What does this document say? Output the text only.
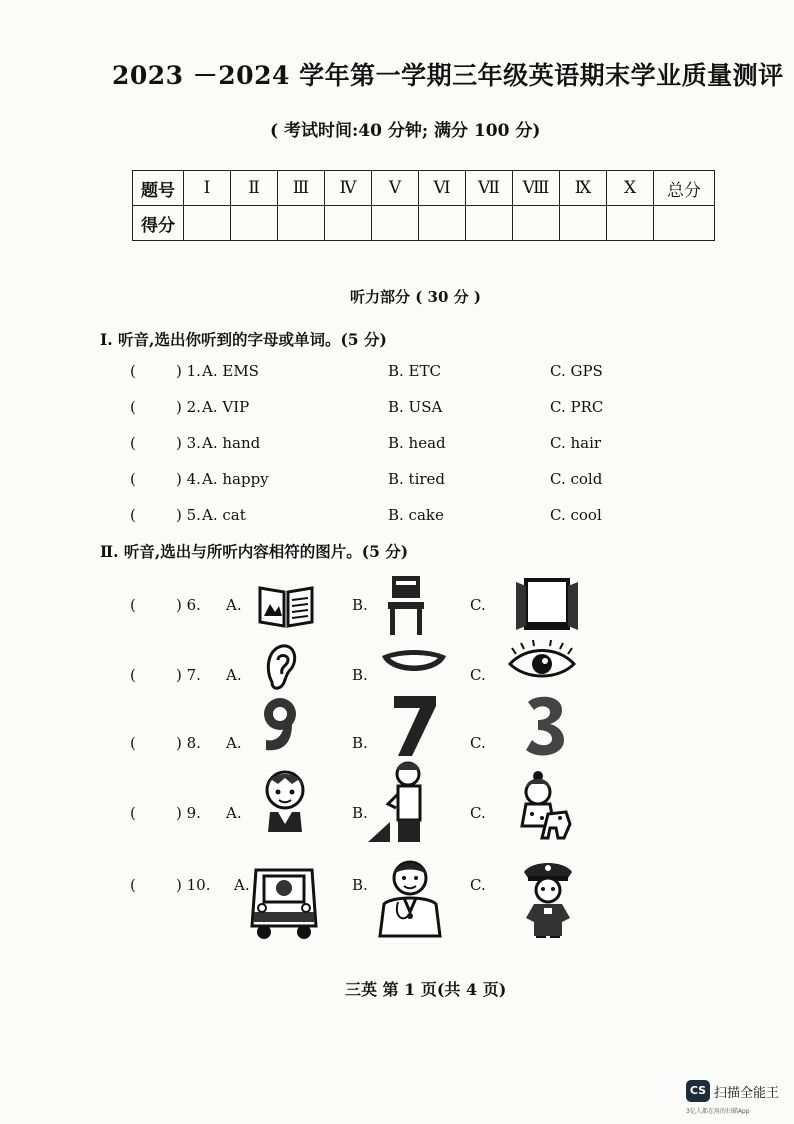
2023 －2024 学年第一学期三年级英语期末学业质量测评
( 考试时间:40 分钟; 满分 100 分)
题号	Ⅰ	Ⅱ	Ⅲ	Ⅳ	Ⅴ	Ⅵ	Ⅶ	Ⅷ	Ⅸ	Ⅹ	总分
得分											
听力部分 ( 30 分 )
Ⅰ. 听音,选出你听到的字母或单词。(5 分)
( ) 1. A. EMS	B. ETC	C. GPS
( ) 2. A. VIP	B. USA	C. PRC
( ) 3. A. hand	B. head	C. hair
( ) 4. A. happy	B. tired	C. cold
( ) 5. A. cat	B. cake	C. cool
Ⅱ. 听音,选出与所听内容相符的图片。(5 分)
( ) 6. A.	B.	C.
( ) 7. A.	B.	C.
( ) 8. A.	B.	C.
( ) 9. A.	B.	C.
( ) 10. A.	B.	C.
三英 第 1 页(共 4 页)
CS 扫描全能王
3亿人都在用的扫描App
